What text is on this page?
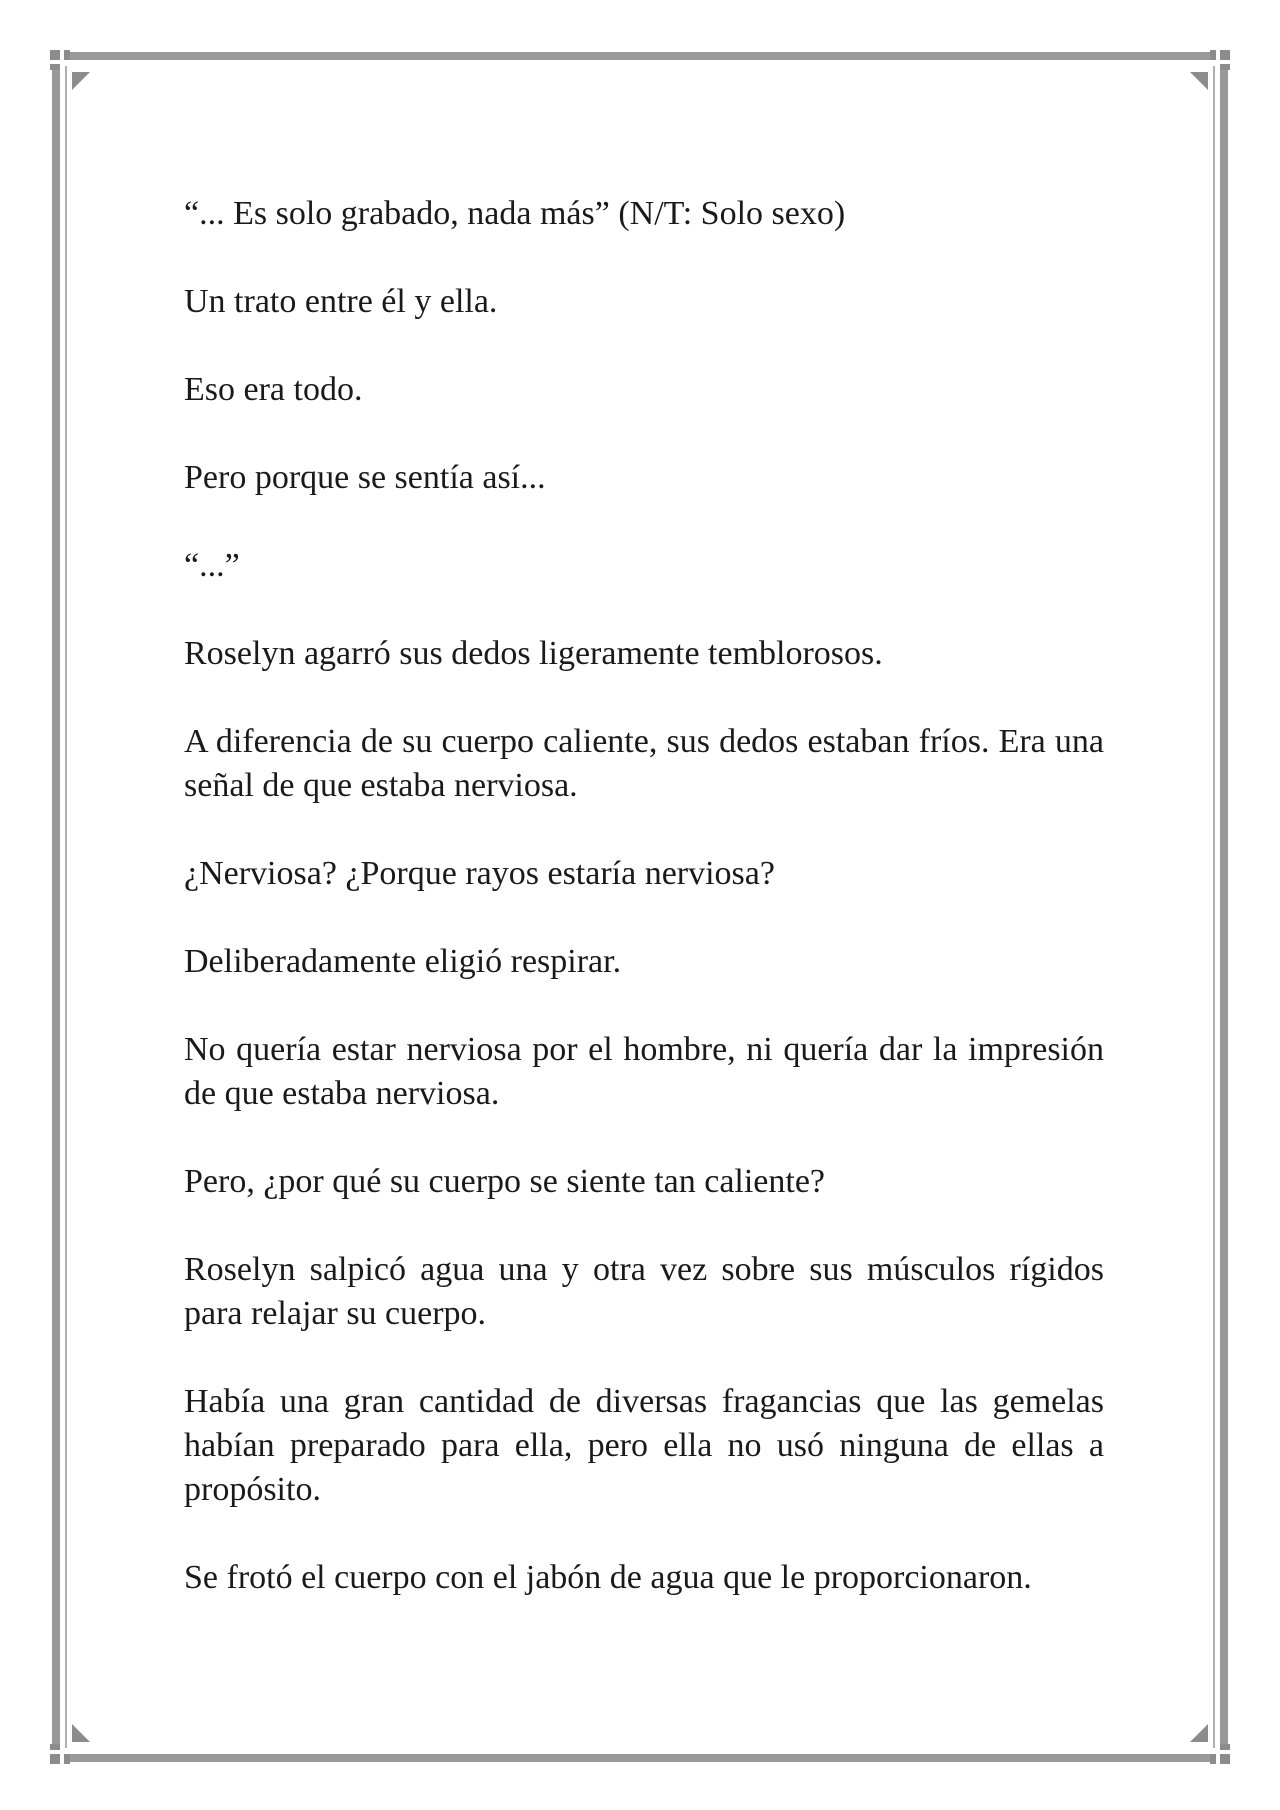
“... Es solo grabado, nada más” (N/T: Solo sexo)

Un trato entre él y ella.

Eso era todo.

Pero porque se sentía así...

“...”

Roselyn agarró sus dedos ligeramente temblorosos.

A diferencia de su cuerpo caliente, sus dedos estaban fríos. Era una señal de que estaba nerviosa.

¿Nerviosa? ¿Porque rayos estaría nerviosa?

Deliberadamente eligió respirar.

No quería estar nerviosa por el hombre, ni quería dar la impresión de que estaba nerviosa.

Pero, ¿por qué su cuerpo se siente tan caliente?

Roselyn salpicó agua una y otra vez sobre sus músculos rígidos para relajar su cuerpo.

Había una gran cantidad de diversas fragancias que las gemelas habían preparado para ella, pero ella no usó ninguna de ellas a propósito.

Se frotó el cuerpo con el jabón de agua que le proporcionaron.
